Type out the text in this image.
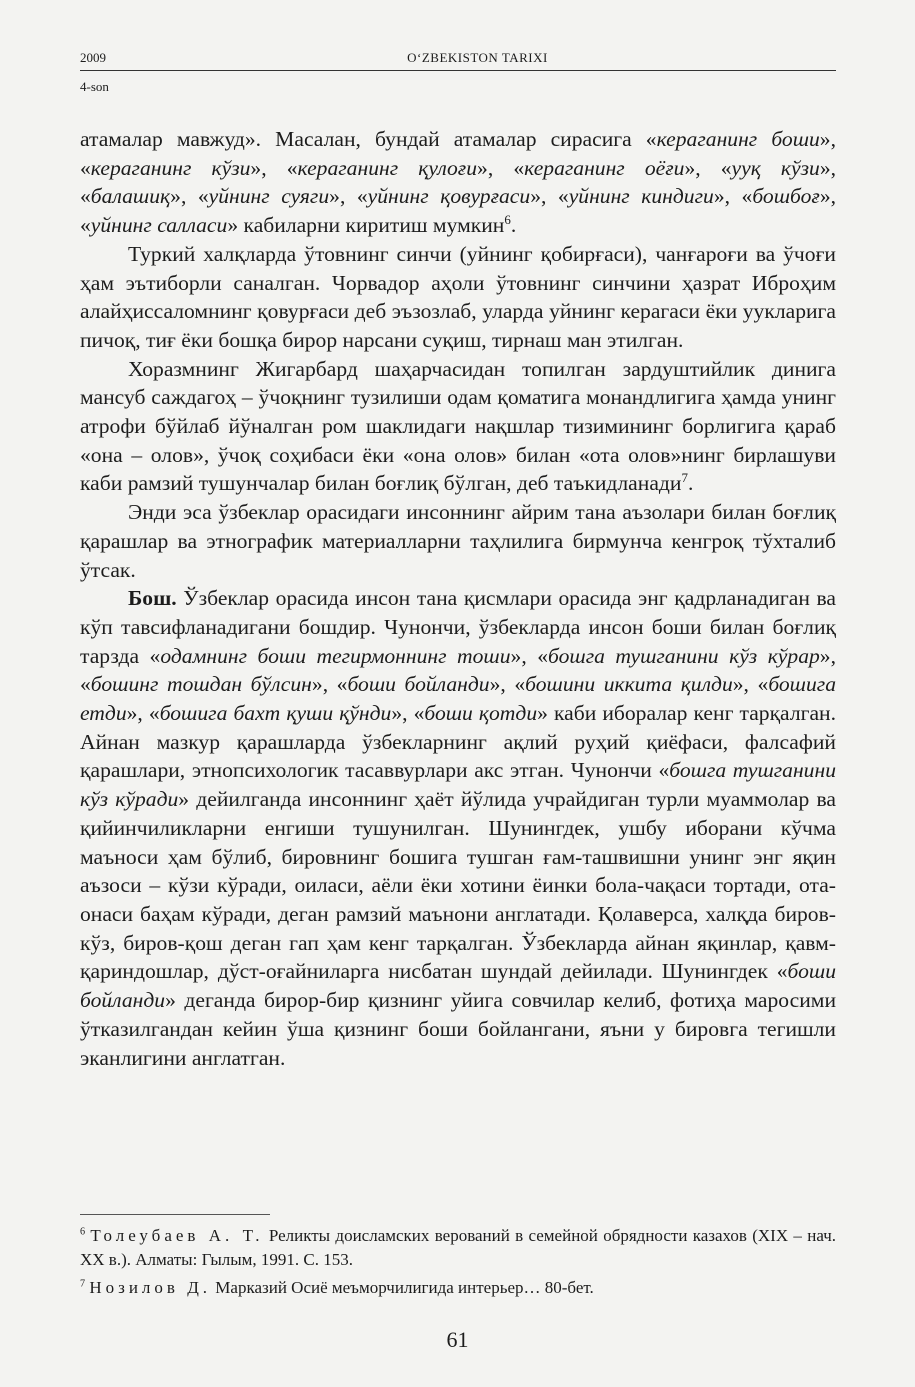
2009	O‘ZBEKISTON TARIXI
4-son

атамалар мавжуд». Масалан, бундай атамалар сирасига «кераганинг боши», «кераганинг кўзи», «кераганинг қулоғи», «кераганинг оёғи», «ууқ кўзи», «балашиқ», «уйнинг суяги», «уйнинг қовурғаси», «уйнинг киндиги», «бошбоғ», «уйнинг салласи» кабиларни киритиш мумкин$^6$.

Туркий халқларда ўтовнинг синчи (уйнинг қобирғаси), чанғароғи ва ўчоғи ҳам эътиборли саналган. Чорвадор аҳоли ўтовнинг синчини ҳазрат Иброҳим алайҳиссаломнинг қовурғаси деб эъзозлаб, уларда уйнинг керагаси ёки уукларига пичоқ, тиғ ёки бошқа бирор нарсани суқиш, тирнаш ман этилган.

Хоразмнинг Жигарбард шаҳарчасидан топилган зардуштийлик динига мансуб саждагоҳ – ўчоқнинг тузилиши одам қоматига монандлигига ҳамда унинг атрофи бўйлаб йўналган ром шаклидаги нақшлар тизимининг борлигига қараб «она – олов», ўчоқ соҳибаси ёки «она олов» билан «ота олов»нинг бирлашуви каби рамзий тушунчалар билан боғлиқ бўлган, деб таъкидланади$^7$.

Энди эса ўзбеклар орасидаги инсоннинг айрим тана аъзолари билан боғлиқ қарашлар ва этнографик материалларни таҳлилига бирмунча кенгроқ тўхталиб ўтсак.

Бош. Ўзбеклар орасида инсон тана қисмлари орасида энг қадрланадиган ва кўп тавсифланадигани бошдир. Чунончи, ўзбекларда инсон боши билан боғлиқ тарзда «одамнинг боши тегирмоннинг тоши», «бошга тушганини кўз кўрар», «бошинг тошдан бўлсин», «боши бойланди», «бошини иккита қилди», «бошига етди», «бошига бахт қуши қўнди», «боши қотди» каби иборалар кенг тарқалган. Айнан мазкур қарашларда ўзбекларнинг ақлий руҳий қиёфаси, фалсафий қарашлари, этнопсихологик тасаввурлари акс этган. Чунончи «бошга тушганини кўз кўради» дейилганда инсоннинг ҳаёт йўлида учрайдиган турли муаммолар ва қийинчиликларни енгиши тушунилган. Шунингдек, ушбу иборани кўчма маъноси ҳам бўлиб, бировнинг бошига тушган ғам-ташвишни унинг энг яқин аъзоси – кўзи кўради, оиласи, аёли ёки хотини ёинки бола-чақаси тортади, ота-онаси баҳам кўради, деган рамзий маънони англатади. Қолаверса, халқда биров-кўз, биров-қош деган гап ҳам кенг тарқалган. Ўзбекларда айнан яқинлар, қавм-қариндошлар, дўст-оғайниларга нисбатан шундай дейилади. Шунингдек «боши бойланди» деганда бирор-бир қизнинг уйига совчилар келиб, фотиҳа маросими ўтказилгандан кейин ўша қизнинг боши бойлангани, яъни у бировга тегишли эканлигини англатган.

$^6$ Толеубаев А. Т. Реликты доисламских верований в семейной обрядности казахов (XIX – нач. XX в.). Алматы: Гылым, 1991. С. 153.

$^7$ Нозилов Д. Марказий Осиё меъморчилигида интерьер… 80-бет.

61
